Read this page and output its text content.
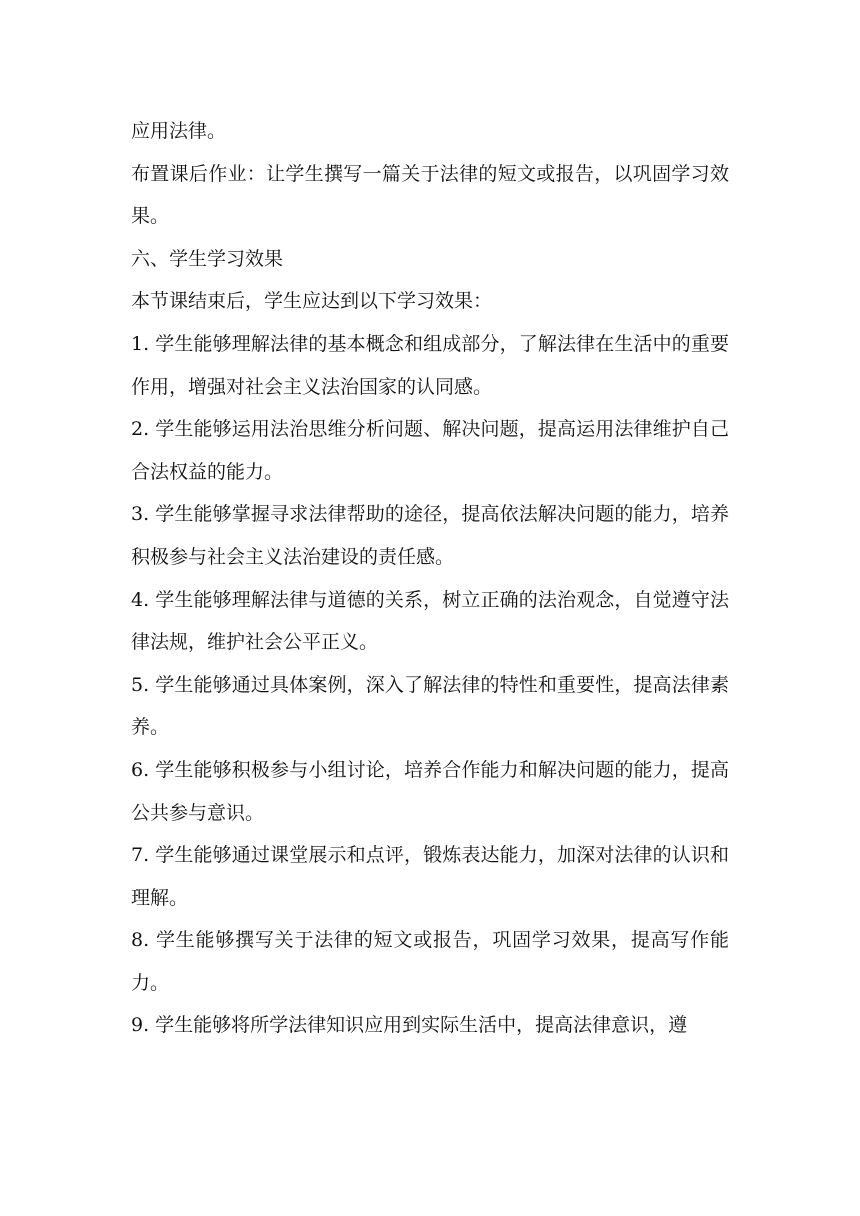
应用法律。

布置课后作业：让学生撰写一篇关于法律的短文或报告，以巩固学习效果。

六、学生学习效果

本节课结束后，学生应达到以下学习效果：

1. 学生能够理解法律的基本概念和组成部分，了解法律在生活中的重要作用，增强对社会主义法治国家的认同感。

2. 学生能够运用法治思维分析问题、解决问题，提高运用法律维护自己合法权益的能力。

3. 学生能够掌握寻求法律帮助的途径，提高依法解决问题的能力，培养积极参与社会主义法治建设的责任感。

4. 学生能够理解法律与道德的关系，树立正确的法治观念，自觉遵守法律法规，维护社会公平正义。

5. 学生能够通过具体案例，深入了解法律的特性和重要性，提高法律素养。

6. 学生能够积极参与小组讨论，培养合作能力和解决问题的能力，提高公共参与意识。

7. 学生能够通过课堂展示和点评，锻炼表达能力，加深对法律的认识和理解。

8. 学生能够撰写关于法律的短文或报告，巩固学习效果，提高写作能力。

9. 学生能够将所学法律知识应用到实际生活中，提高法律意识，遵
